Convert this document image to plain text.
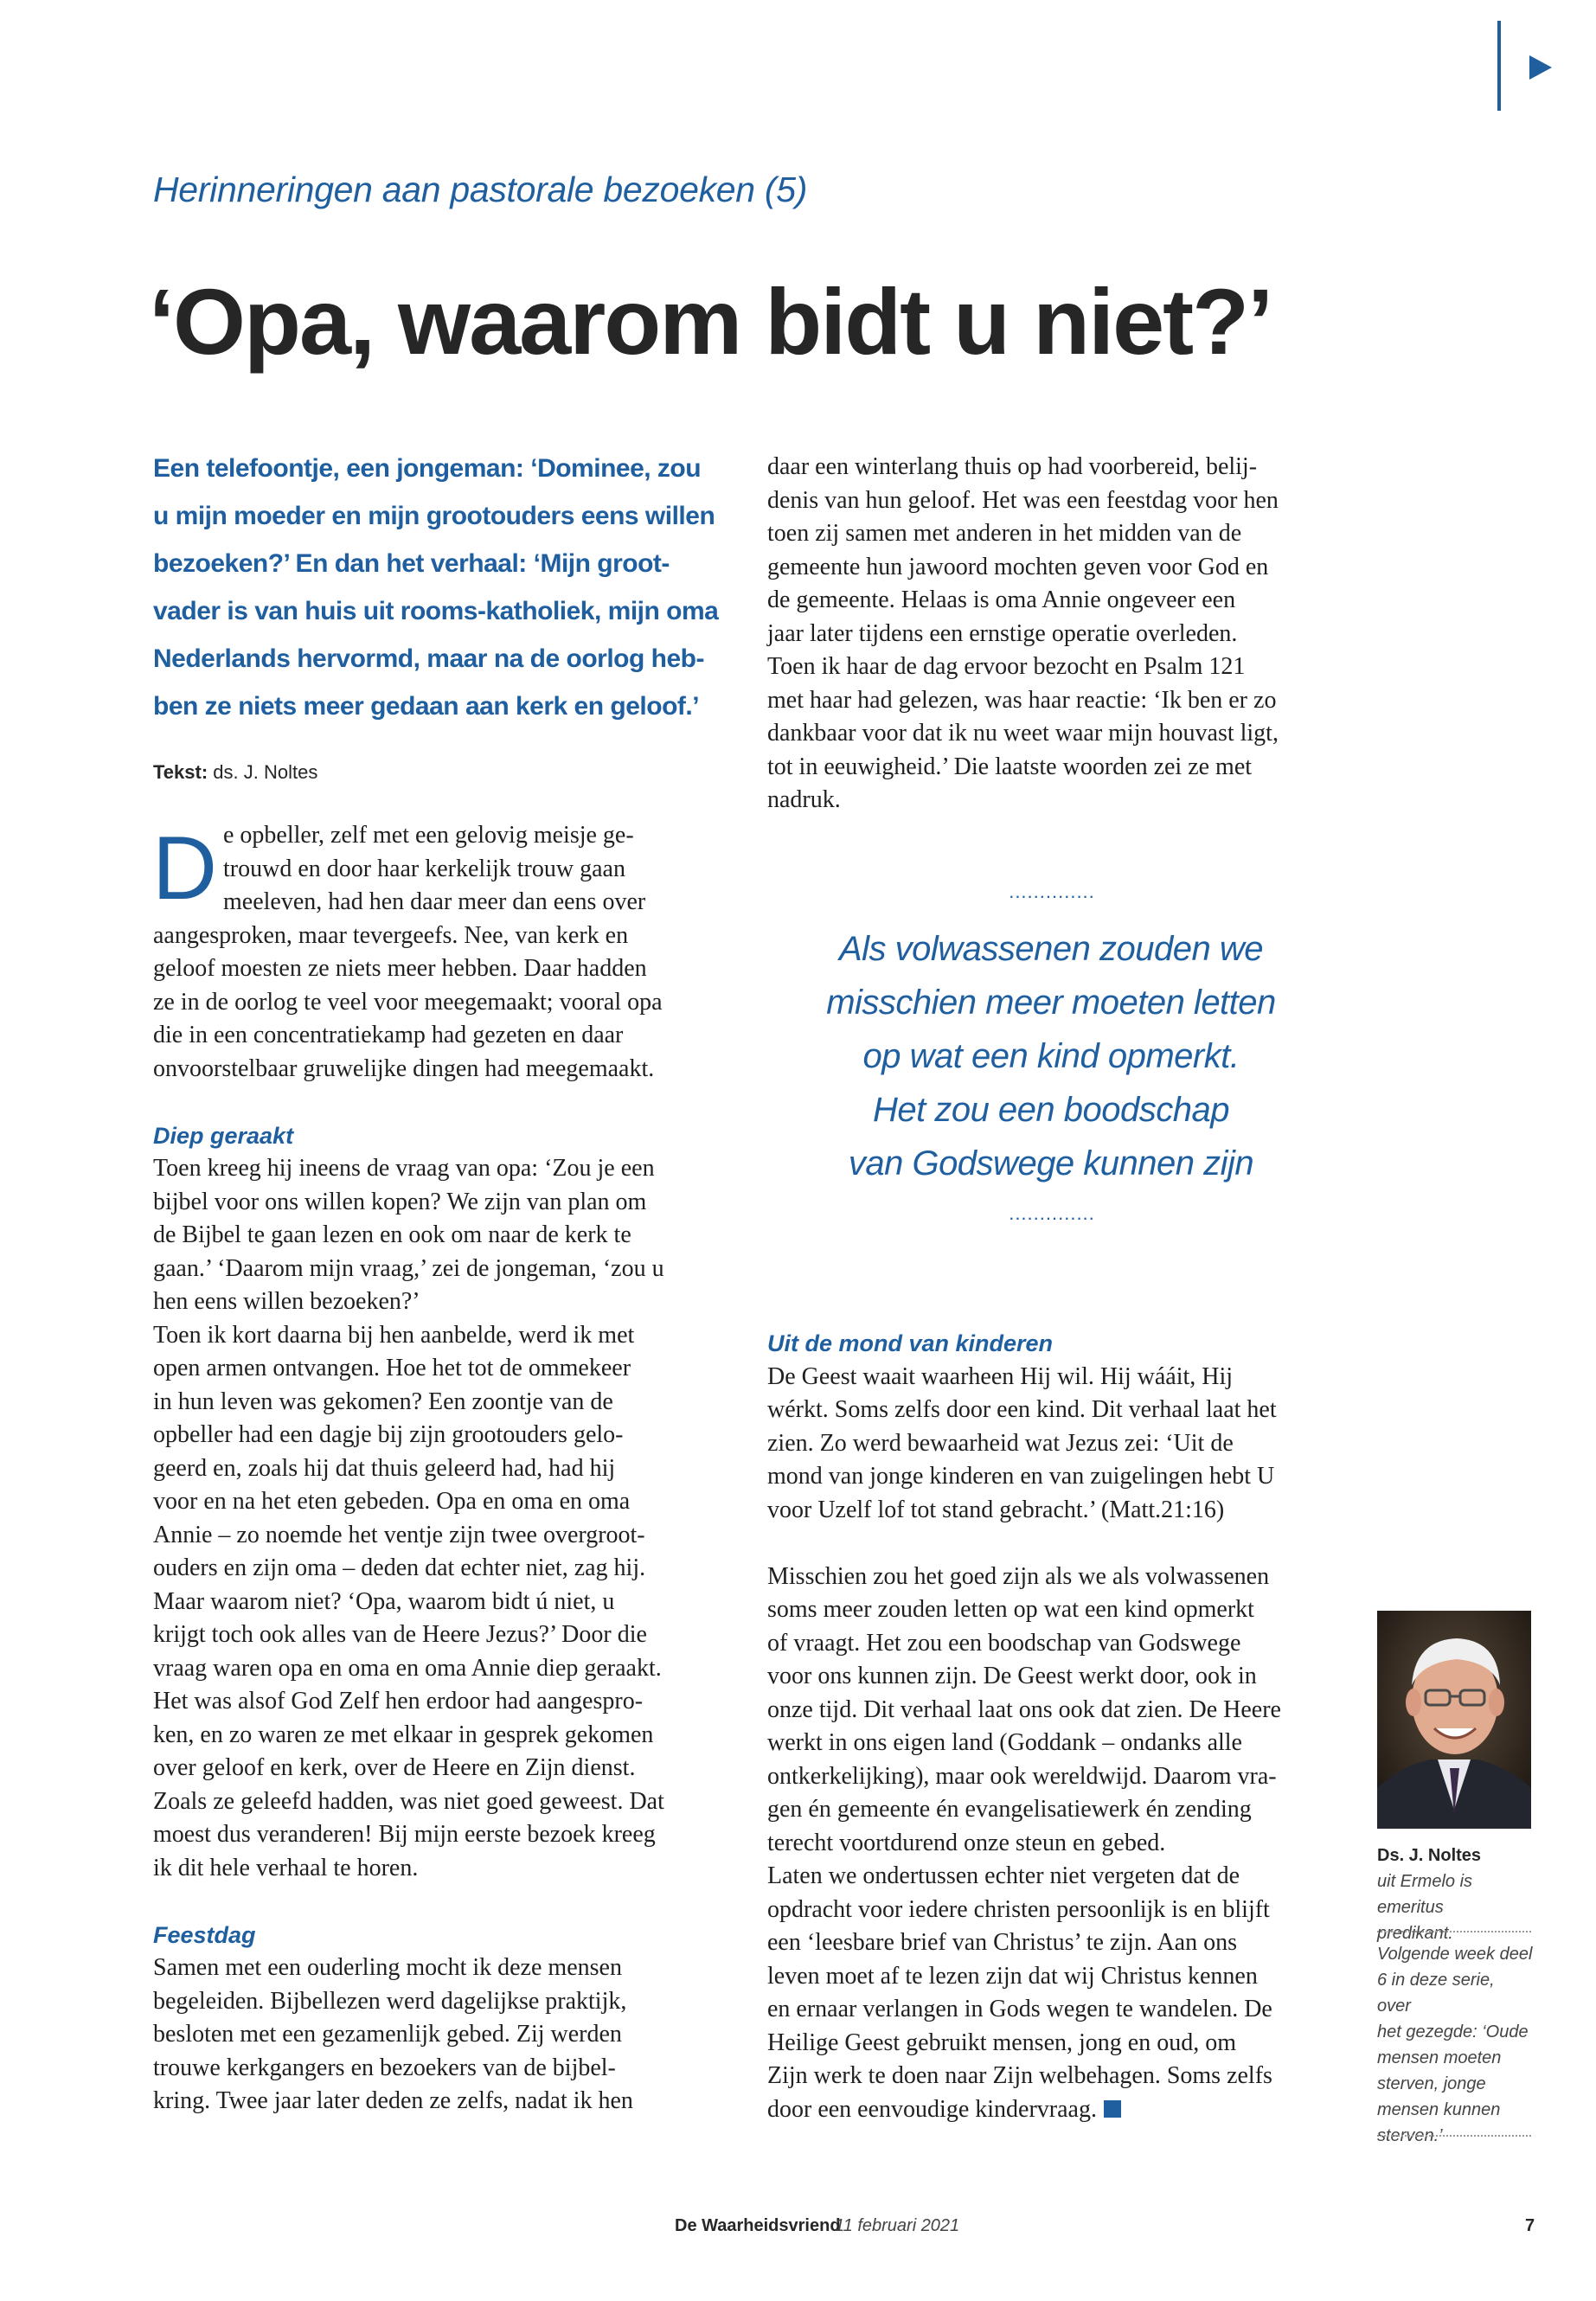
Herinneringen aan pastorale bezoeken (5)
‘Opa, waarom bidt u niet?’

Een telefoontje, een jongeman: ‘Dominee, zou
u mijn moeder en mijn grootouders eens willen
bezoeken?’ En dan het verhaal: ‘Mijn groot-
vader is van huis uit rooms-katholiek, mijn oma
Nederlands hervormd, maar na de oorlog heb-
ben ze niets meer gedaan aan kerk en geloof.’

Tekst: ds. J. Noltes
D e opbeller, zelf met een gelovig meisje ge-
trouwd en door haar kerkelijk trouw gaan
meeleven, had hen daar meer dan eens over
aangesproken, maar tevergeefs. Nee, van kerk en
geloof moesten ze niets meer hebben. Daar hadden
ze in de oorlog te veel voor meegemaakt; vooral opa
die in een concentratiekamp had gezeten en daar
onvoorstelbaar gruwelijke dingen had meegemaakt.
Diep geraakt
Toen kreeg hij ineens de vraag van opa: ‘Zou je een
bijbel voor ons willen kopen? We zijn van plan om
de Bijbel te gaan lezen en ook om naar de kerk te
gaan.’ ‘Daarom mijn vraag,’ zei de jongeman, ‘zou u
hen eens willen bezoeken?’
Toen ik kort daarna bij hen aanbelde, werd ik met
open armen ontvangen. Hoe het tot de ommekeer
in hun leven was gekomen? Een zoontje van de
opbeller had een dagje bij zijn grootouders gelo-
geerd en, zoals hij dat thuis geleerd had, had hij
voor en na het eten gebeden. Opa en oma en oma
Annie – zo noemde het ventje zijn twee overgroot-
ouders en zijn oma – deden dat echter niet, zag hij.
Maar waarom niet? ‘Opa, waarom bidt ú niet, u
krijgt toch ook alles van de Heere Jezus?’ Door die
vraag waren opa en oma en oma Annie diep geraakt.
Het was alsof God Zelf hen erdoor had aangespro-
ken, en zo waren ze met elkaar in gesprek gekomen
over geloof en kerk, over de Heere en Zijn dienst.
Zoals ze geleefd hadden, was niet goed geweest. Dat
moest dus veranderen! Bij mijn eerste bezoek kreeg
ik dit hele verhaal te horen.
Feestdag
Samen met een ouderling mocht ik deze mensen
begeleiden. Bijbellezen werd dagelijkse praktijk,
besloten met een gezamenlijk gebed. Zij werden
trouwe kerkgangers en bezoekers van de bijbel-
kring. Twee jaar later deden ze zelfs, nadat ik hen
daar een winterlang thuis op had voorbereid, belij-
denis van hun geloof. Het was een feestdag voor hen
toen zij samen met anderen in het midden van de
gemeente hun jawoord mochten geven voor God en
de gemeente. Helaas is oma Annie ongeveer een
jaar later tijdens een ernstige operatie overleden.
Toen ik haar de dag ervoor bezocht en Psalm 121
met haar had gelezen, was haar reactie: ‘Ik ben er zo
dankbaar voor dat ik nu weet waar mijn houvast ligt,
tot in eeuwigheid.’ Die laatste woorden zei ze met
nadruk.
..............
Als volwassenen zouden we
misschien meer moeten letten
op wat een kind opmerkt.
Het zou een boodschap
van Godswege kunnen zijn
..............
Uit de mond van kinderen
De Geest waait waarheen Hij wil. Hij wááit, Hij
wérkt. Soms zelfs door een kind. Dit verhaal laat het
zien. Zo werd bewaarheid wat Jezus zei: ‘Uit de
mond van jonge kinderen en van zuigelingen hebt U
voor Uzelf lof tot stand gebracht.’ (Matt.21:16)
Misschien zou het goed zijn als we als volwassenen
soms meer zouden letten op wat een kind opmerkt
of vraagt. Het zou een boodschap van Godswege
voor ons kunnen zijn. De Geest werkt door, ook in
onze tijd. Dit verhaal laat ons ook dat zien. De Heere
werkt in ons eigen land (Goddank – ondanks alle
ontkerkelijking), maar ook wereldwijd. Daarom vra-
gen én gemeente én evangelisatiewerk én zending
terecht voortdurend onze steun en gebed.
Laten we ondertussen echter niet vergeten dat de
opdracht voor iedere christen persoonlijk is en blijft
een ‘leesbare brief van Christus’ te zijn. Aan ons
leven moet af te lezen zijn dat wij Christus kennen
en ernaar verlangen in Gods wegen te wandelen. De
Heilige Geest gebruikt mensen, jong en oud, om
Zijn werk te doen naar Zijn welbehagen. Soms zelfs
door een eenvoudige kindervraag.
Ds. J. Noltes
uit Ermelo is emeritus
predikant.
Volgende week deel
6 in deze serie, over
het gezegde: ‘Oude
mensen moeten
sterven, jonge
mensen kunnen
sterven.’
De Waarheidsvriend
11 februari 2021	7
